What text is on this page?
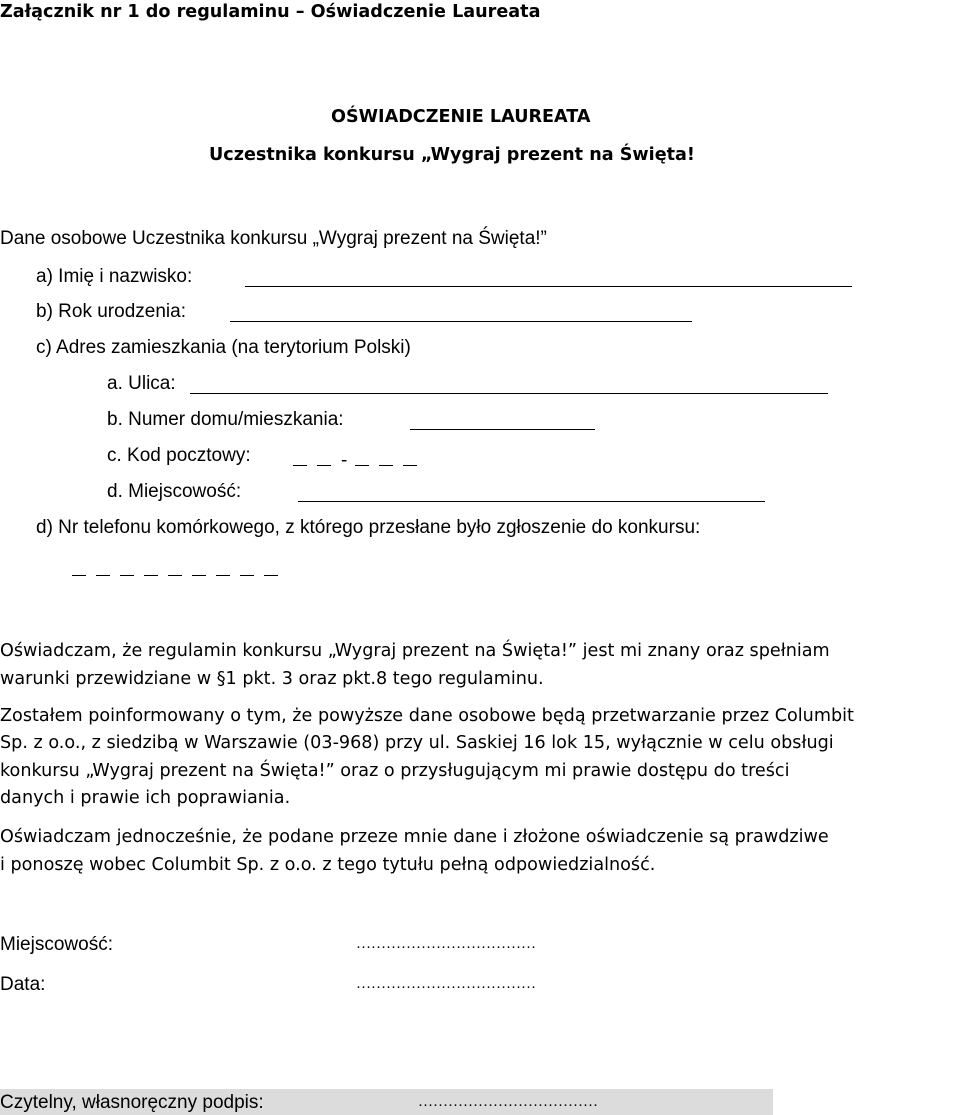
Załącznik nr 1 do regulaminu – Oświadczenie Laureata
OŚWIADCZENIE LAUREATA
Uczestnika konkursu „Wygraj prezent na Święta!
Dane osobowe Uczestnika konkursu „Wygraj prezent na Święta!”
a) Imię i nazwisko:
b) Rok urodzenia:
c) Adres zamieszkania (na terytorium Polski)
a. Ulica:
b. Numer domu/mieszkania:
c. Kod pocztowy:	-
d. Miejscowość:
d) Nr telefonu komórkowego, z którego przesłane było zgłoszenie do konkursu:
Oświadczam, że regulamin konkursu „Wygraj prezent na Święta!” jest mi znany oraz spełniam
warunki przewidziane w §1 pkt. 3 oraz pkt.8 tego regulaminu.
Zostałem poinformowany o tym, że powyższe dane osobowe będą przetwarzanie przez Columbit
Sp. z o.o., z siedzibą w Warszawie (03-968) przy ul. Saskiej 16 lok 15, wyłącznie w celu obsługi
konkursu „Wygraj prezent na Święta!” oraz o przysługującym mi prawie dostępu do treści
danych i prawie ich poprawiania.
Oświadczam jednocześnie, że podane przeze mnie dane i złożone oświadczenie są prawdziwe
i ponoszę wobec Columbit Sp. z o.o. z tego tytułu pełną odpowiedzialność.
Miejscowość:	………………………………
Data:	………………………………
Czytelny, własnoręczny podpis:	………………………………
